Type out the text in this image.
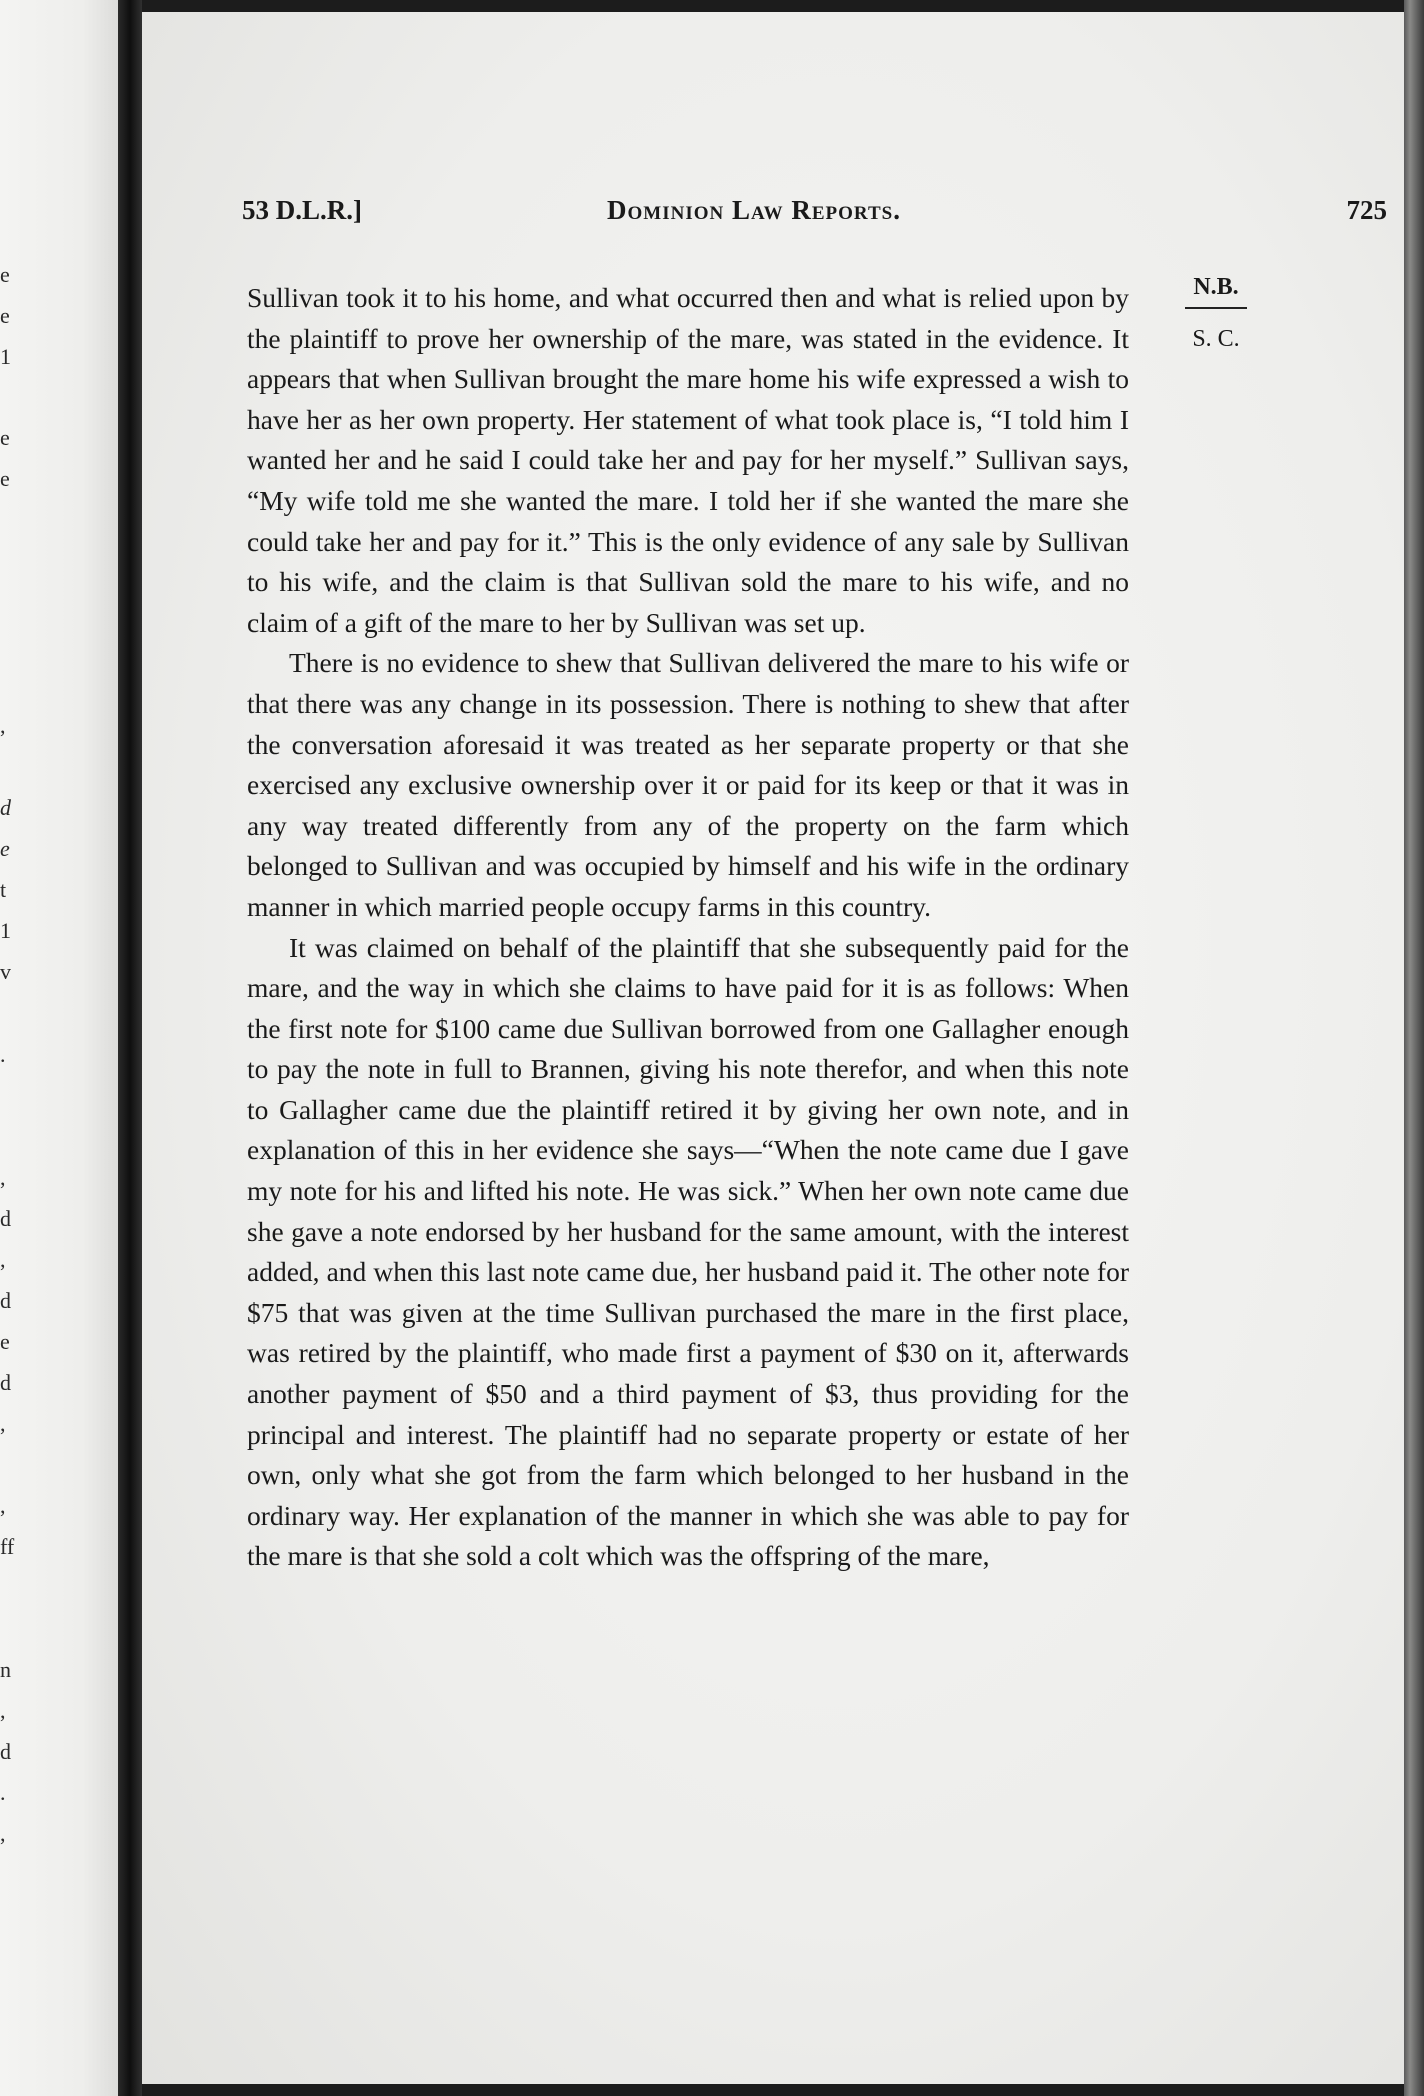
e
e
1
e
e
,
d
e
t
1
v
.
,
d
,
d
e
d
,
,
ff
n
,
d
.
,
53 D.L.R.]	Dominion Law Reports.	725
N.B.
S. C.

Sullivan took it to his home, and what occurred then and what is relied upon by the plaintiff to prove her ownership of the mare, was stated in the evidence. It appears that when Sullivan brought the mare home his wife expressed a wish to have her as her own property. Her statement of what took place is, “I told him I wanted her and he said I could take her and pay for her myself.” Sullivan says, “My wife told me she wanted the mare. I told her if she wanted the mare she could take her and pay for it.” This is the only evidence of any sale by Sullivan to his wife, and the claim is that Sullivan sold the mare to his wife, and no claim of a gift of the mare to her by Sullivan was set up.

There is no evidence to shew that Sullivan delivered the mare to his wife or that there was any change in its possession. There is nothing to shew that after the conversation aforesaid it was treated as her separate property or that she exercised any exclusive ownership over it or paid for its keep or that it was in any way treated differently from any of the property on the farm which belonged to Sullivan and was occupied by himself and his wife in the ordinary manner in which married people occupy farms in this country.

It was claimed on behalf of the plaintiff that she subsequently paid for the mare, and the way in which she claims to have paid for it is as follows: When the first note for $100 came due Sullivan borrowed from one Gallagher enough to pay the note in full to Brannen, giving his note therefor, and when this note to Gallagher came due the plaintiff retired it by giving her own note, and in explanation of this in her evidence she says—“When the note came due I gave my note for his and lifted his note. He was sick.” When her own note came due she gave a note endorsed by her husband for the same amount, with the interest added, and when this last note came due, her husband paid it. The other note for $75 that was given at the time Sullivan purchased the mare in the first place, was retired by the plaintiff, who made first a payment of $30 on it, afterwards another payment of $50 and a third payment of $3, thus providing for the principal and interest. The plaintiff had no separate property or estate of her own, only what she got from the farm which belonged to her husband in the ordinary way. Her explanation of the manner in which she was able to pay for the mare is that she sold a colt which was the offspring of the mare,
